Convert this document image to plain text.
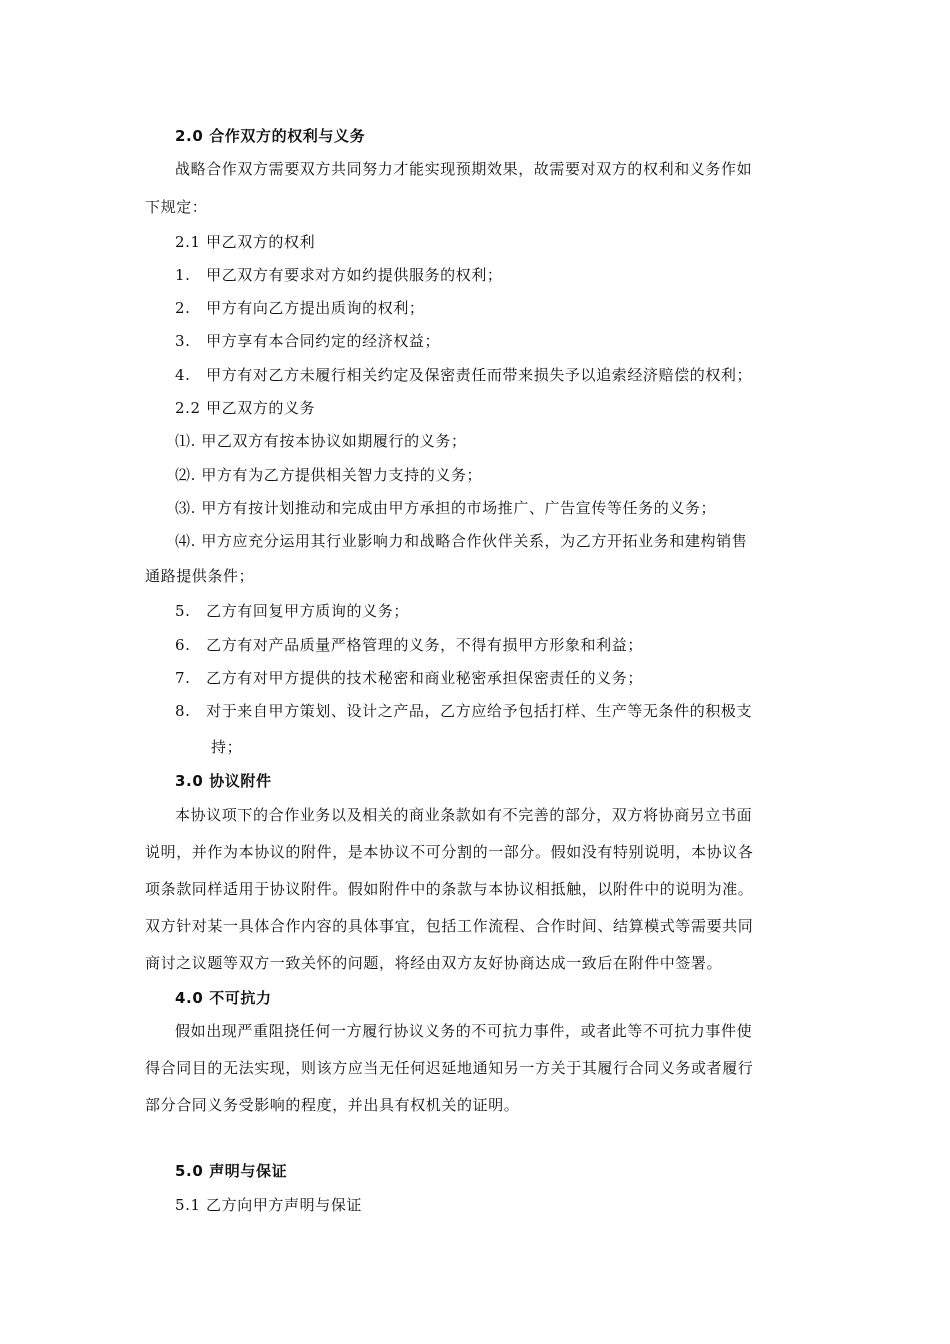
2.0 合作双方的权利与义务
战略合作双方需要双方共同努力才能实现预期效果，故需要对双方的权利和义务作如
下规定：
2.1 甲乙双方的权利
1.　甲乙双方有要求对方如约提供服务的权利；
2.　甲方有向乙方提出质询的权利；
3.　甲方享有本合同约定的经济权益；
4.　甲方有对乙方未履行相关约定及保密责任而带来损失予以追索经济赔偿的权利；
2.2 甲乙双方的义务
⑴. 甲乙双方有按本协议如期履行的义务；
⑵. 甲方有为乙方提供相关智力支持的义务；
⑶. 甲方有按计划推动和完成由甲方承担的市场推广、广告宣传等任务的义务；
⑷. 甲方应充分运用其行业影响力和战略合作伙伴关系，为乙方开拓业务和建构销售
通路提供条件；
5.　乙方有回复甲方质询的义务；
6.　乙方有对产品质量严格管理的义务，不得有损甲方形象和利益；
7.　乙方有对甲方提供的技术秘密和商业秘密承担保密责任的义务；
8.　对于来自甲方策划、设计之产品，乙方应给予包括打样、生产等无条件的积极支
持；
3.0 协议附件
本协议项下的合作业务以及相关的商业条款如有不完善的部分，双方将协商另立书面
说明，并作为本协议的附件，是本协议不可分割的一部分。假如没有特别说明，本协议各
项条款同样适用于协议附件。假如附件中的条款与本协议相抵触，以附件中的说明为准。
双方针对某一具体合作内容的具体事宜，包括工作流程、合作时间、结算模式等需要共同
商讨之议题等双方一致关怀的问题，将经由双方友好协商达成一致后在附件中签署。
4.0 不可抗力
假如出现严重阻挠任何一方履行协议义务的不可抗力事件，或者此等不可抗力事件使
得合同目的无法实现，则该方应当无任何迟延地通知另一方关于其履行合同义务或者履行
部分合同义务受影响的程度，并出具有权机关的证明。
5.0 声明与保证
5.1 乙方向甲方声明与保证
